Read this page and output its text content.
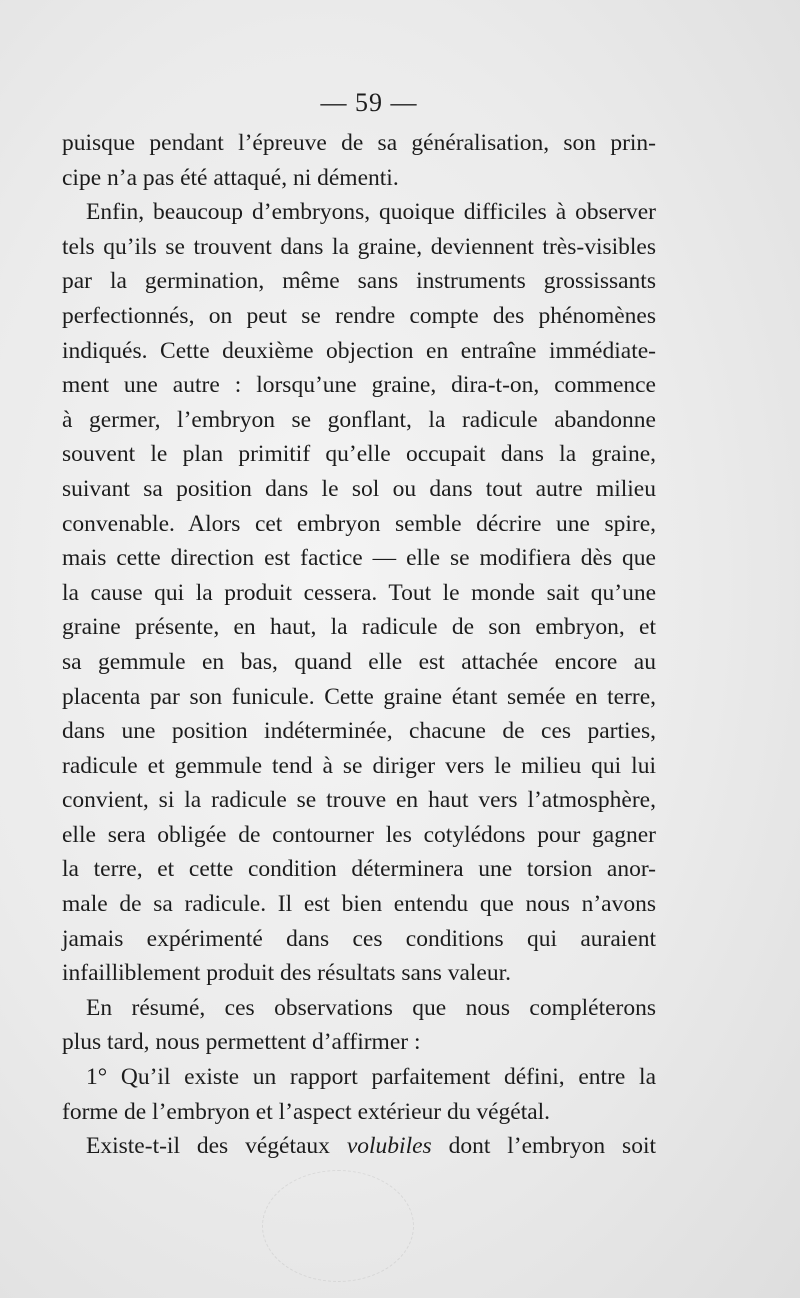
— 59 —
puisque pendant l’épreuve de sa généralisation, son prin-
cipe n’a pas été attaqué, ni démenti.
Enfin, beaucoup d’embryons, quoique difficiles à observer
tels qu’ils se trouvent dans la graine, deviennent très-visibles
par la germination, même sans instruments grossissants
perfectionnés, on peut se rendre compte des phénomènes
indiqués. Cette deuxième objection en entraîne immédiate-
ment une autre : lorsqu’une graine, dira-t-on, commence
à germer, l’embryon se gonflant, la radicule abandonne
souvent le plan primitif qu’elle occupait dans la graine,
suivant sa position dans le sol ou dans tout autre milieu
convenable. Alors cet embryon semble décrire une spire,
mais cette direction est factice — elle se modifiera dès que
la cause qui la produit cessera. Tout le monde sait qu’une
graine présente, en haut, la radicule de son embryon, et
sa gemmule en bas, quand elle est attachée encore au
placenta par son funicule. Cette graine étant semée en terre,
dans une position indéterminée, chacune de ces parties,
radicule et gemmule tend à se diriger vers le milieu qui lui
convient, si la radicule se trouve en haut vers l’atmosphère,
elle sera obligée de contourner les cotylédons pour gagner
la terre, et cette condition déterminera une torsion anor-
male de sa radicule. Il est bien entendu que nous n’avons
jamais expérimenté dans ces conditions qui auraient
infailliblement produit des résultats sans valeur.
En résumé, ces observations que nous compléterons
plus tard, nous permettent d’affirmer :
1° Qu’il existe un rapport parfaitement défini, entre la
forme de l’embryon et l’aspect extérieur du végétal.
Existe-t-il des végétaux volubiles dont l’embryon soit
